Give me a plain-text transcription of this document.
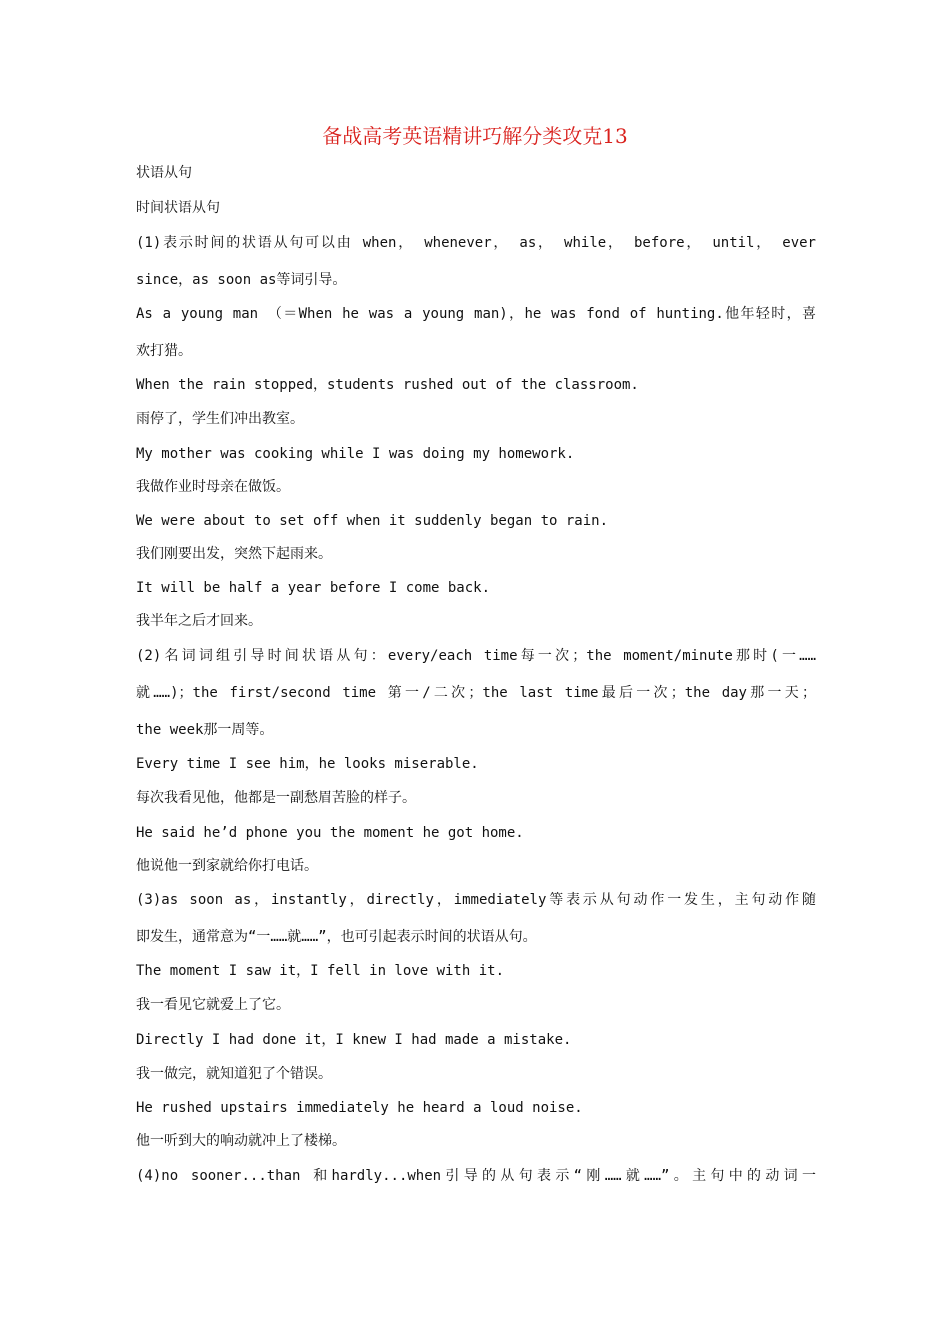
备战高考英语精讲巧解分类攻克13
状语从句
时间状语从句
(1)表示时间的状语从句可以由 when， whenever， as， while， before， until， ever
since，as soon as等词引导。
As a young man （＝When he was a young man)，he was fond of hunting.他年轻时，喜
欢打猎。
When the rain stopped，students rushed out of the classroom.
雨停了，学生们冲出教室。
My mother was cooking while I was doing my homework.
我做作业时母亲在做饭。
We were about to set off when it suddenly began to rain.
我们刚要出发，突然下起雨来。
It will be half a year before I come back.
我半年之后才回来。
(2)名词词组引导时间状语从句：every/each time每一次；the moment/minute那时(一……
就……)；the first/second time 第一/二次；the last time最后一次；the day那一天；
the week那一周等。
Every time I see him，he looks miserable.
每次我看见他，他都是一副愁眉苦脸的样子。
He said he’d phone you the moment he got home.
他说他一到家就给你打电话。
(3)as soon as，instantly，directly，immediately等表示从句动作一发生，主句动作随
即发生，通常意为“一……就……”，也可引起表示时间的状语从句。
The moment I saw it，I fell in love with it.
我一看见它就爱上了它。
Directly I had done it，I knew I had made a mistake.
我一做完，就知道犯了个错误。
He rushed upstairs immediately he heard a loud noise.
他一听到大的响动就冲上了楼梯。
(4)no sooner...than 和hardly...when引导的从句表示“刚……就……”。主句中的动词一
